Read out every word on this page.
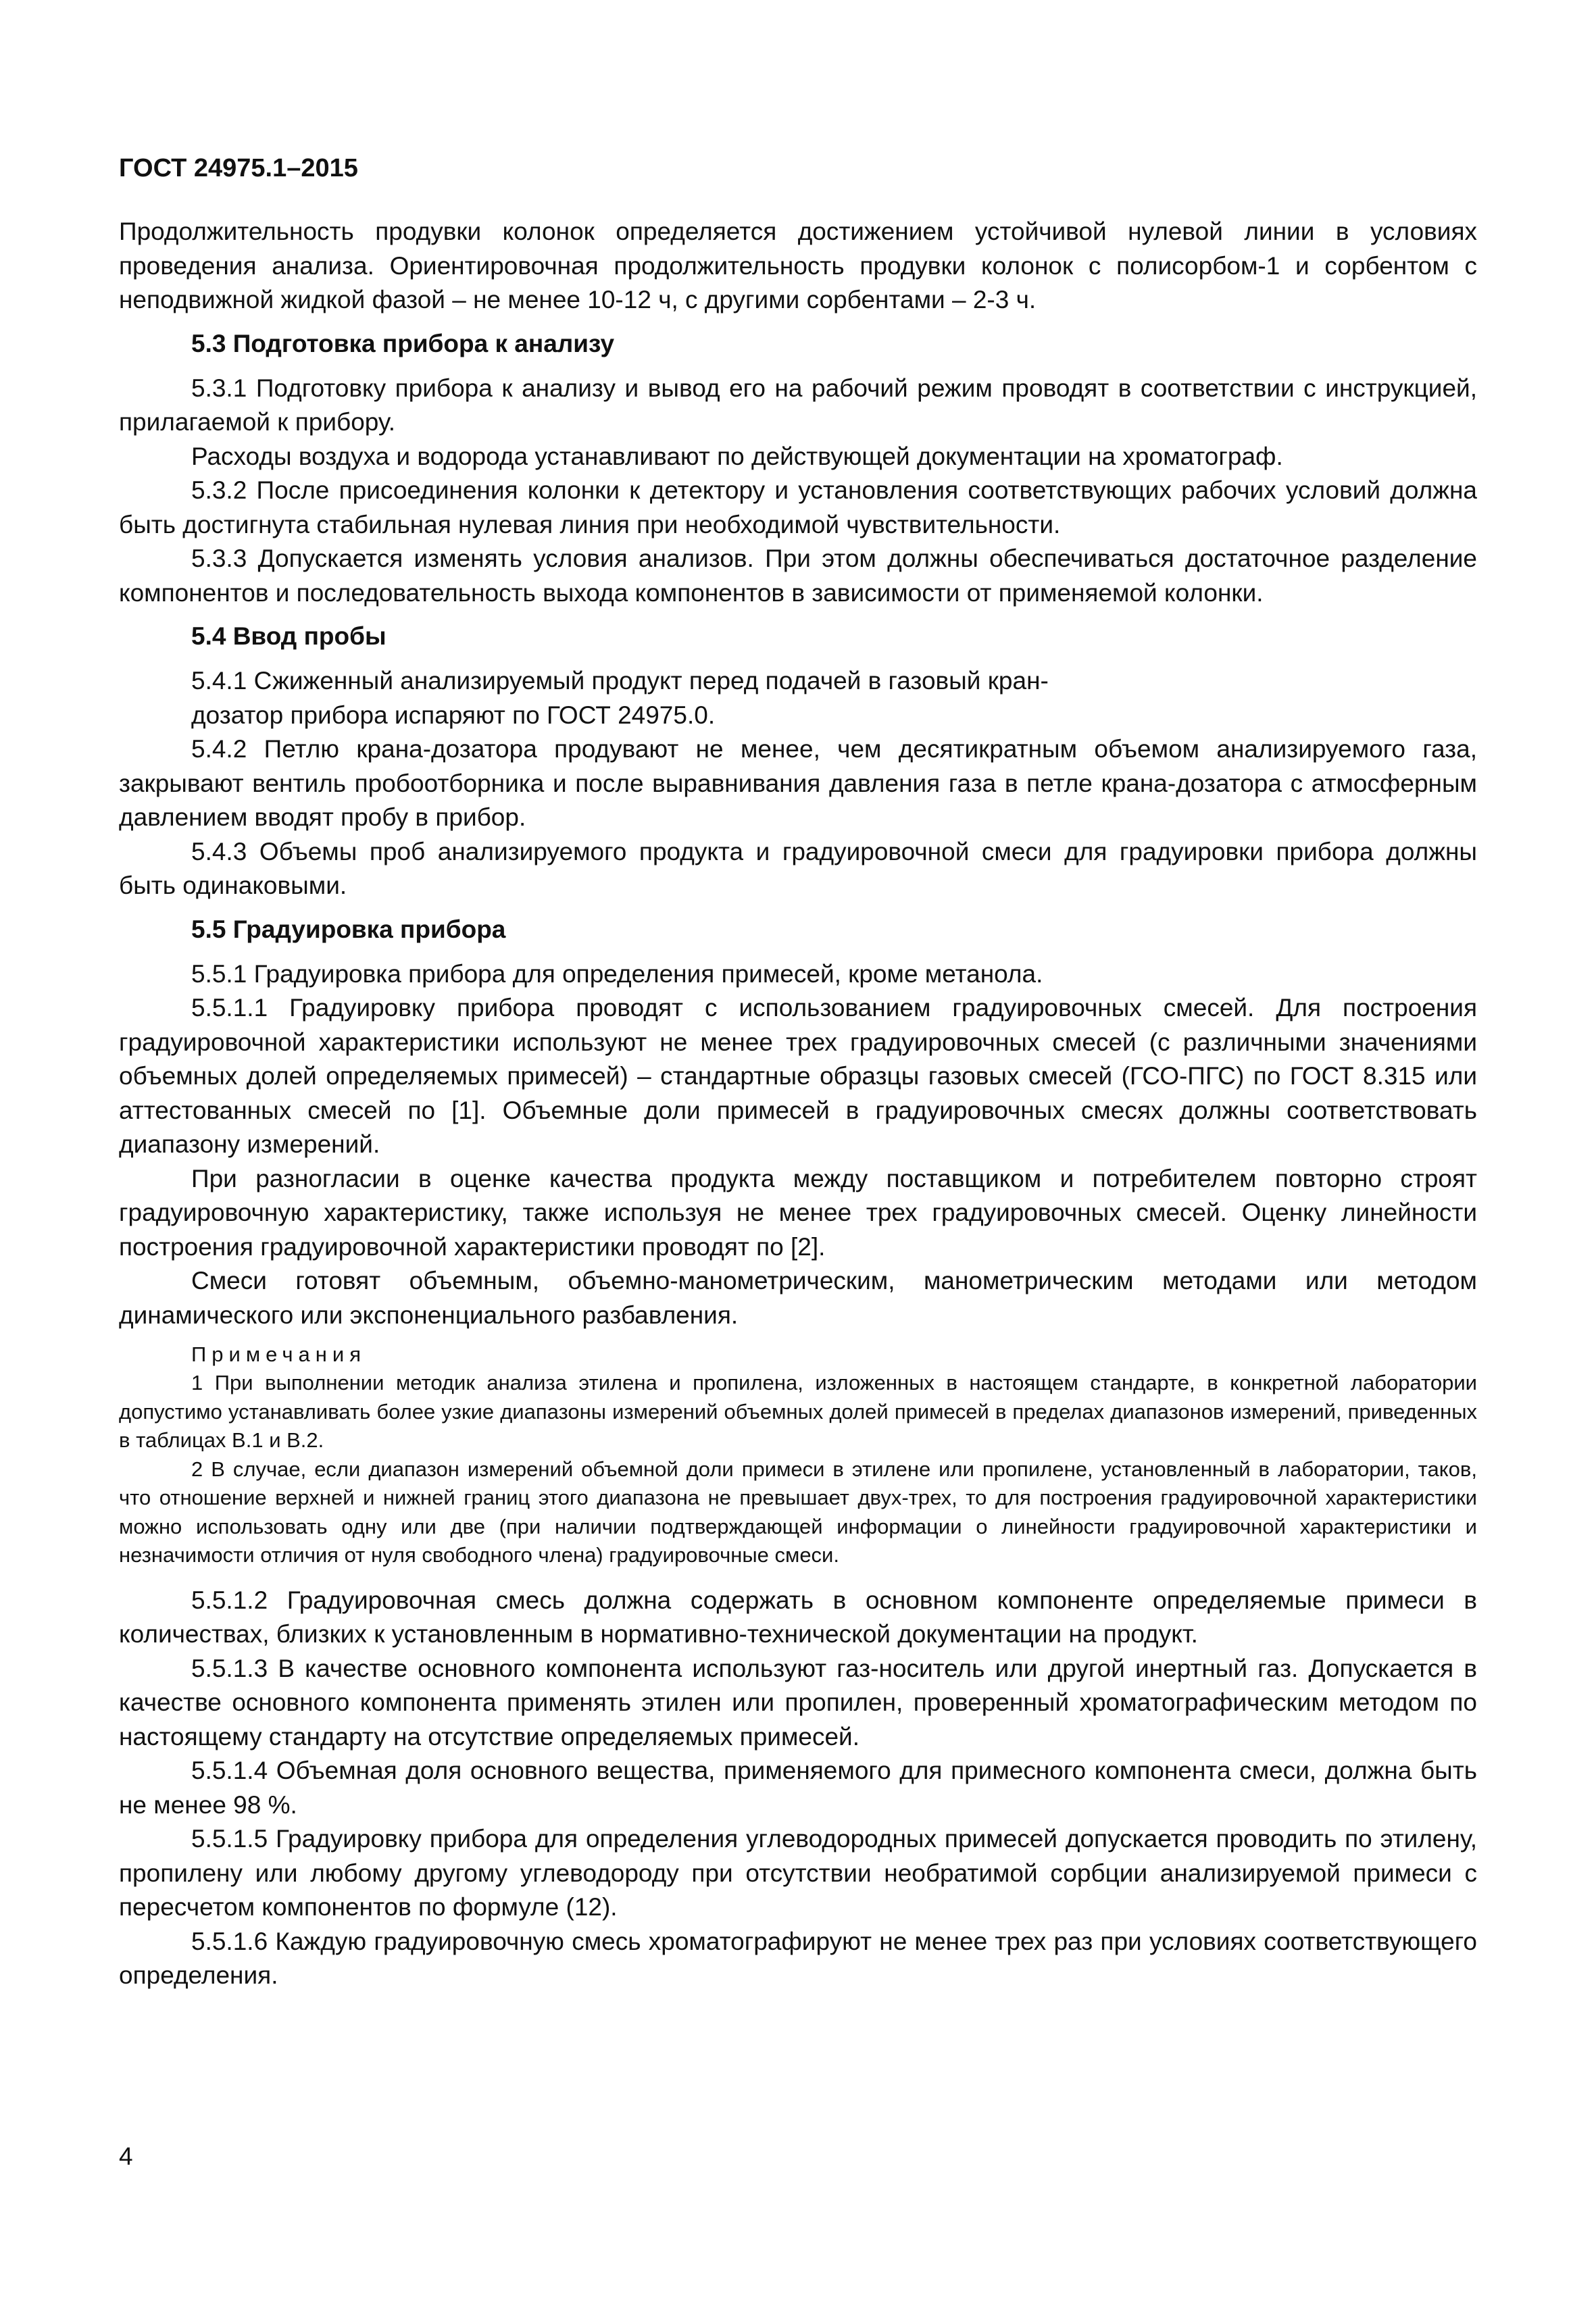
ГОСТ 24975.1–2015

Продолжительность продувки колонок определяется достижением устойчивой нулевой линии в условиях проведения анализа. Ориентировочная продолжительность продувки колонок с полисорбом-1 и сорбентом с неподвижной жидкой фазой – не менее 10-12 ч, с другими сорбентами – 2-3 ч.

5.3 Подготовка прибора к анализу

5.3.1 Подготовку прибора к анализу и вывод его на рабочий режим проводят в соответствии с инструкцией, прилагаемой к прибору.

Расходы воздуха и водорода устанавливают по действующей документации на хроматограф.

5.3.2 После присоединения колонки к детектору и установления соответствующих рабочих условий должна быть достигнута стабильная нулевая линия при необходимой чувствительности.

5.3.3 Допускается изменять условия анализов. При этом должны обеспечиваться достаточное разделение компонентов и последовательность выхода компонентов в зависимости от применяемой колонки.

5.4 Ввод пробы

5.4.1 Сжиженный анализируемый продукт перед подачей в газовый кран-

дозатор прибора испаряют по ГОСТ 24975.0.

5.4.2 Петлю крана-дозатора продувают не менее, чем десятикратным объемом анализируемого газа, закрывают вентиль пробоотборника и после выравнивания давления газа в петле крана-дозатора с атмосферным давлением вводят пробу в прибор.

5.4.3 Объемы проб анализируемого продукта и градуировочной смеси для градуировки прибора должны быть одинаковыми.

5.5 Градуировка прибора

5.5.1 Градуировка прибора для определения примесей, кроме метанола.

5.5.1.1 Градуировку прибора проводят с использованием градуировочных смесей. Для построения градуировочной характеристики используют не менее трех градуировочных смесей (с различными значениями объемных долей определяемых примесей) – стандартные образцы газовых смесей (ГСО-ПГС) по ГОСТ 8.315 или аттестованных смесей по [1]. Объемные доли примесей в градуировочных смесях должны соответствовать диапазону измерений.

При разногласии в оценке качества продукта между поставщиком и потребителем повторно строят градуировочную характеристику, также используя не менее трех градуировочных смесей. Оценку линейности построения градуировочной характеристики проводят по [2].

Смеси готовят объемным, объемно-манометрическим, манометрическим методами или методом динамического или экспоненциального разбавления.

Примечания

1 При выполнении методик анализа этилена и пропилена, изложенных в настоящем стандарте, в конкретной лаборатории допустимо устанавливать более узкие диапазоны измерений объемных долей примесей в пределах диапазонов измерений, приведенных в таблицах В.1 и В.2.

2 В случае, если диапазон измерений объемной доли примеси в этилене или пропилене, установленный в лаборатории, таков, что отношение верхней и нижней границ этого диапазона не превышает двух-трех, то для построения градуировочной характеристики можно использовать одну или две (при наличии подтверждающей информации о линейности градуировочной характеристики и незначимости отличия от нуля свободного члена) градуировочные смеси.

5.5.1.2 Градуировочная смесь должна содержать в основном компоненте определяемые примеси в количествах, близких к установленным в нормативно-технической документации на продукт.

5.5.1.3 В качестве основного компонента используют газ-носитель или другой инертный газ. Допускается в качестве основного компонента применять этилен или пропилен, проверенный хроматографическим методом по настоящему стандарту на отсутствие определяемых примесей.

5.5.1.4 Объемная доля основного вещества, применяемого для примесного компонента смеси, должна быть не менее 98 %.

5.5.1.5 Градуировку прибора для определения углеводородных примесей допускается проводить по этилену, пропилену или любому другому углеводороду при отсутствии необратимой сорбции анализируемой примеси с пересчетом компонентов по формуле (12).

5.5.1.6 Каждую градуировочную смесь хроматографируют не менее трех раз при условиях соответствующего определения.

4
